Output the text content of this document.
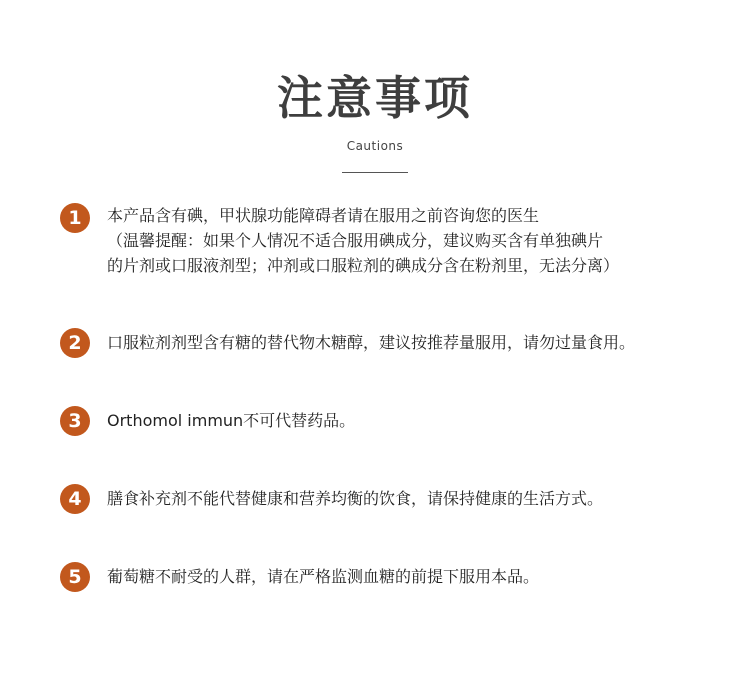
注意事项
Cautions
1	本产品含有碘，甲状腺功能障碍者请在服用之前咨询您的医生
（温馨提醒：如果个人情况不适合服用碘成分，建议购买含有单独碘片
的片剂或口服液剂型；冲剂或口服粒剂的碘成分含在粉剂里，无法分离）
2	口服粒剂剂型含有糖的替代物木糖醇，建议按推荐量服用，请勿过量食用。
3	Orthomol immun不可代替药品。
4	膳食补充剂不能代替健康和营养均衡的饮食，请保持健康的生活方式。
5	葡萄糖不耐受的人群，请在严格监测血糖的前提下服用本品。
